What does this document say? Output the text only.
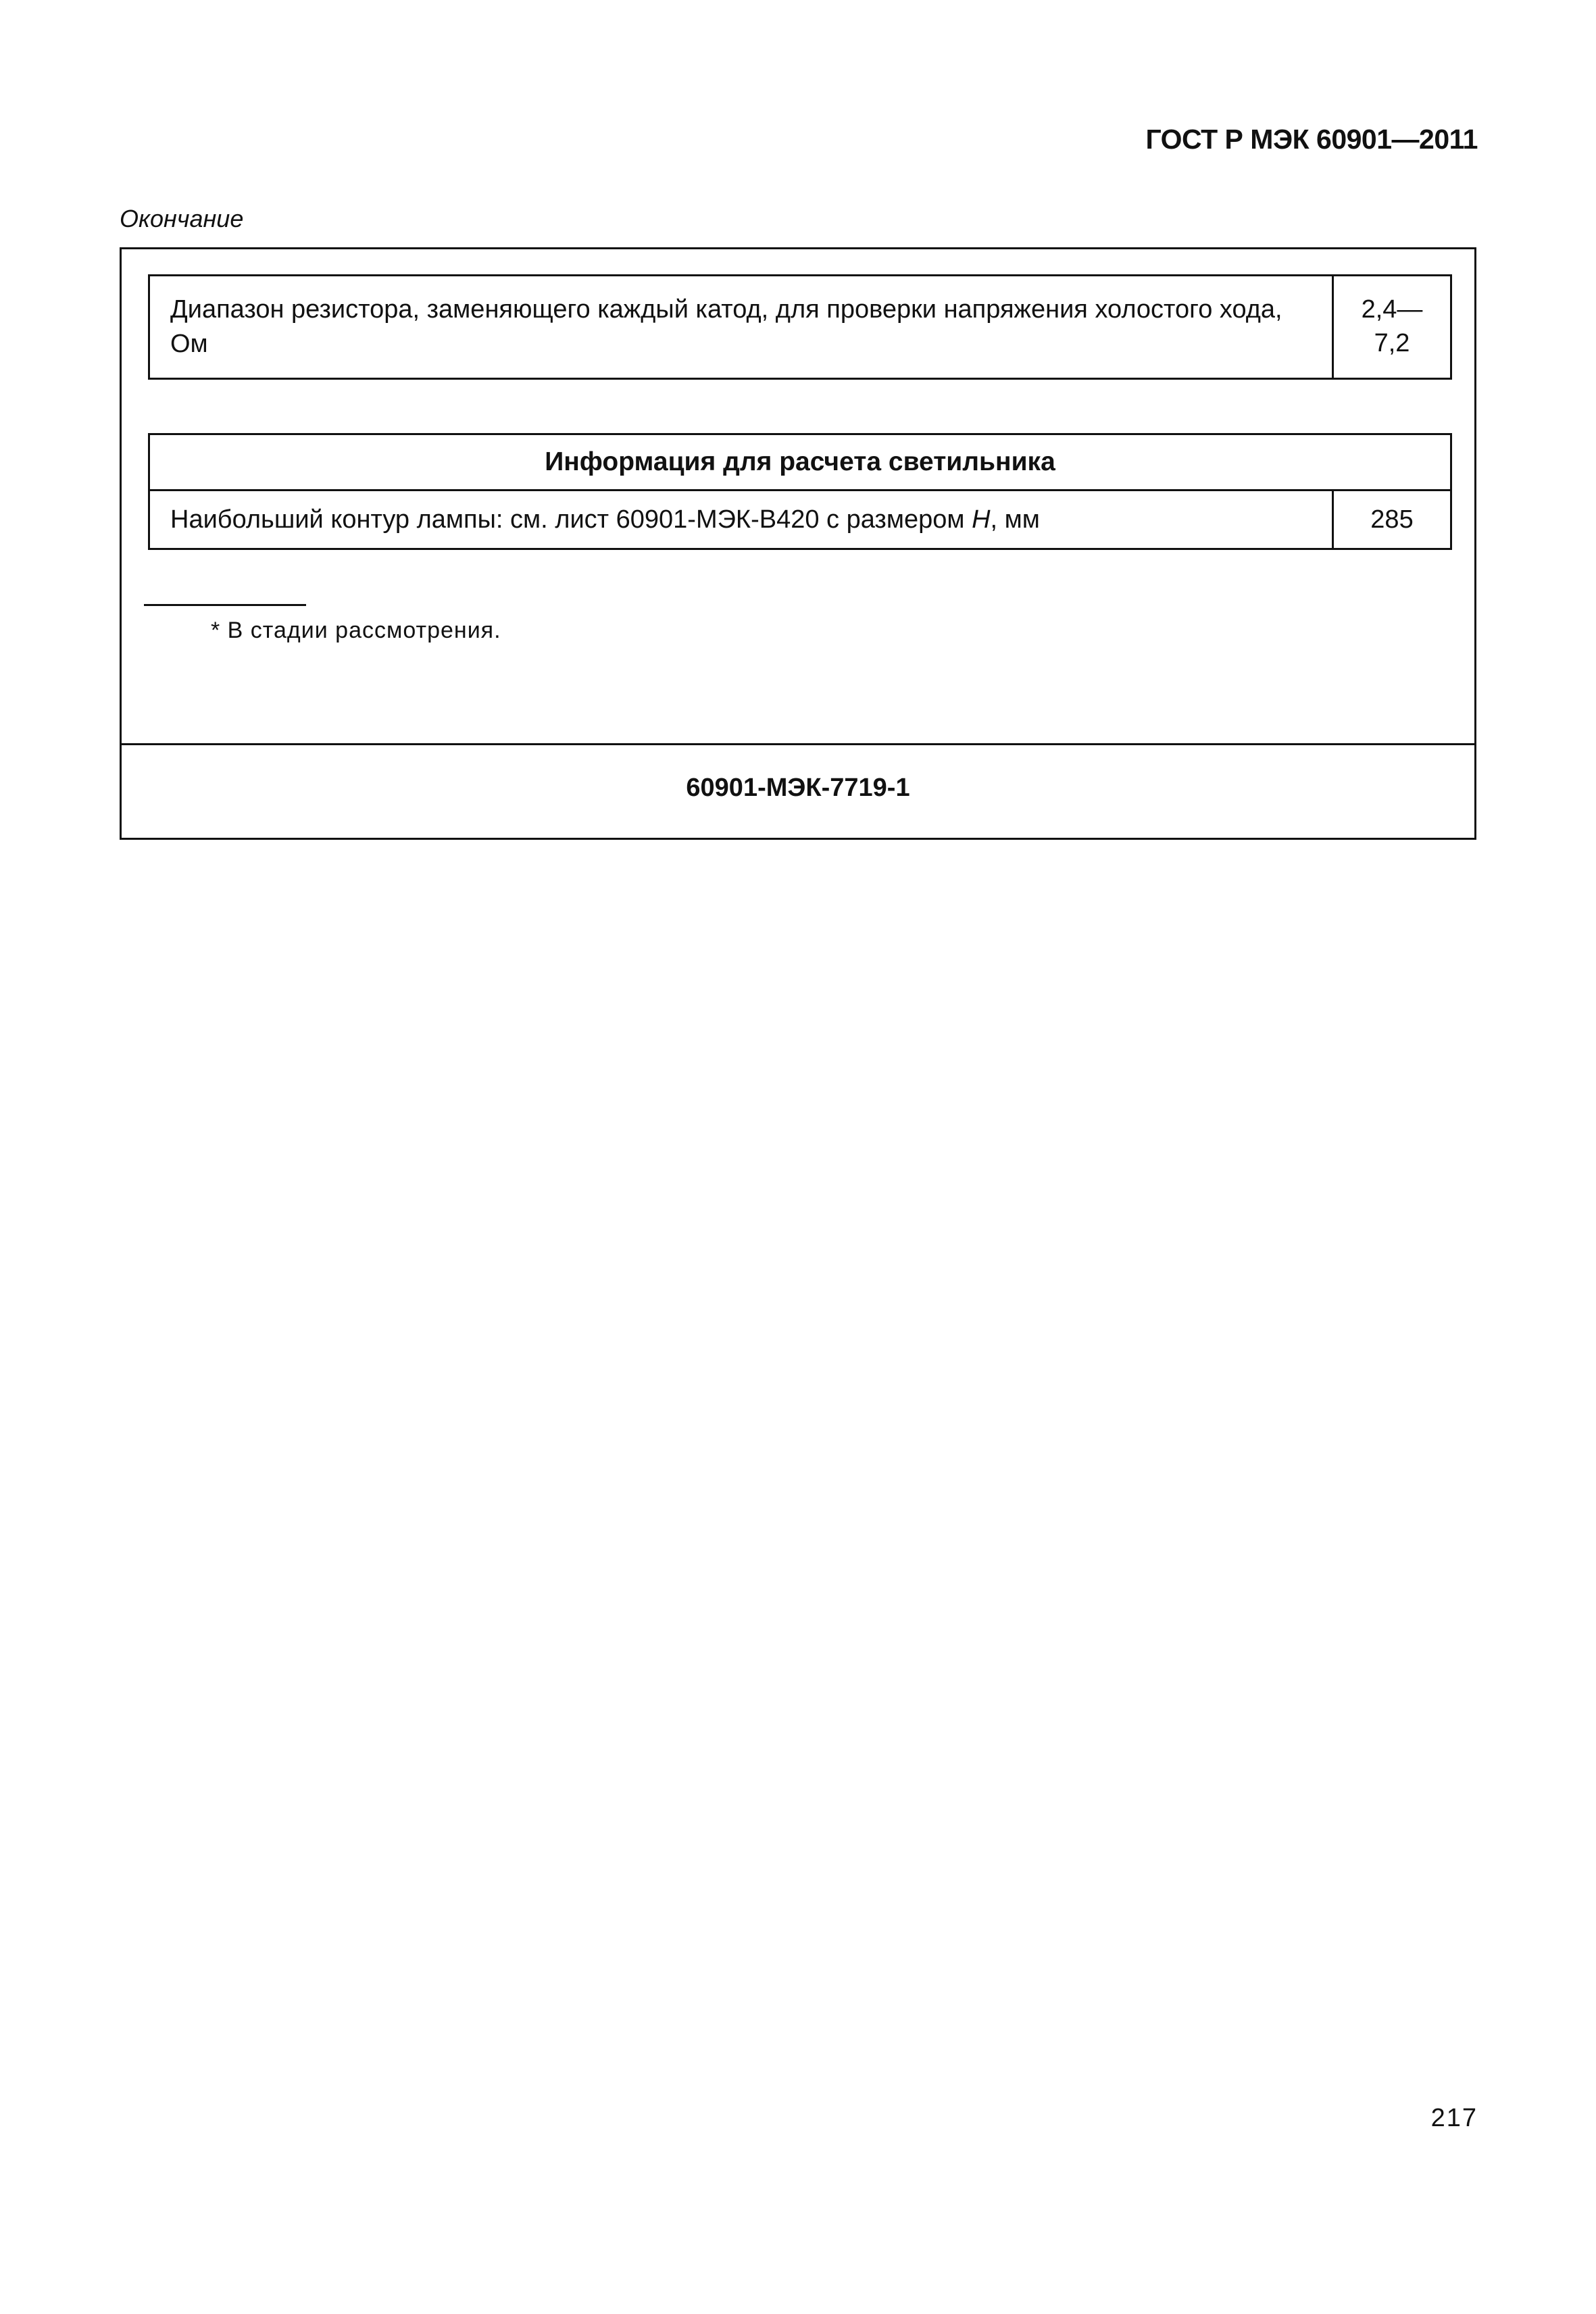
ГОСТ Р МЭК 60901—2011
Окончание
Диапазон резистора, заменяющего каждый катод, для проверки напряжения холостого хода, Ом
2,4—
7,2
Информация для расчета светильника
Наибольший контур лампы: см. лист 60901-МЭК-В420 с размером H, мм	285
* В стадии рассмотрения.
60901-МЭК-7719-1
217
